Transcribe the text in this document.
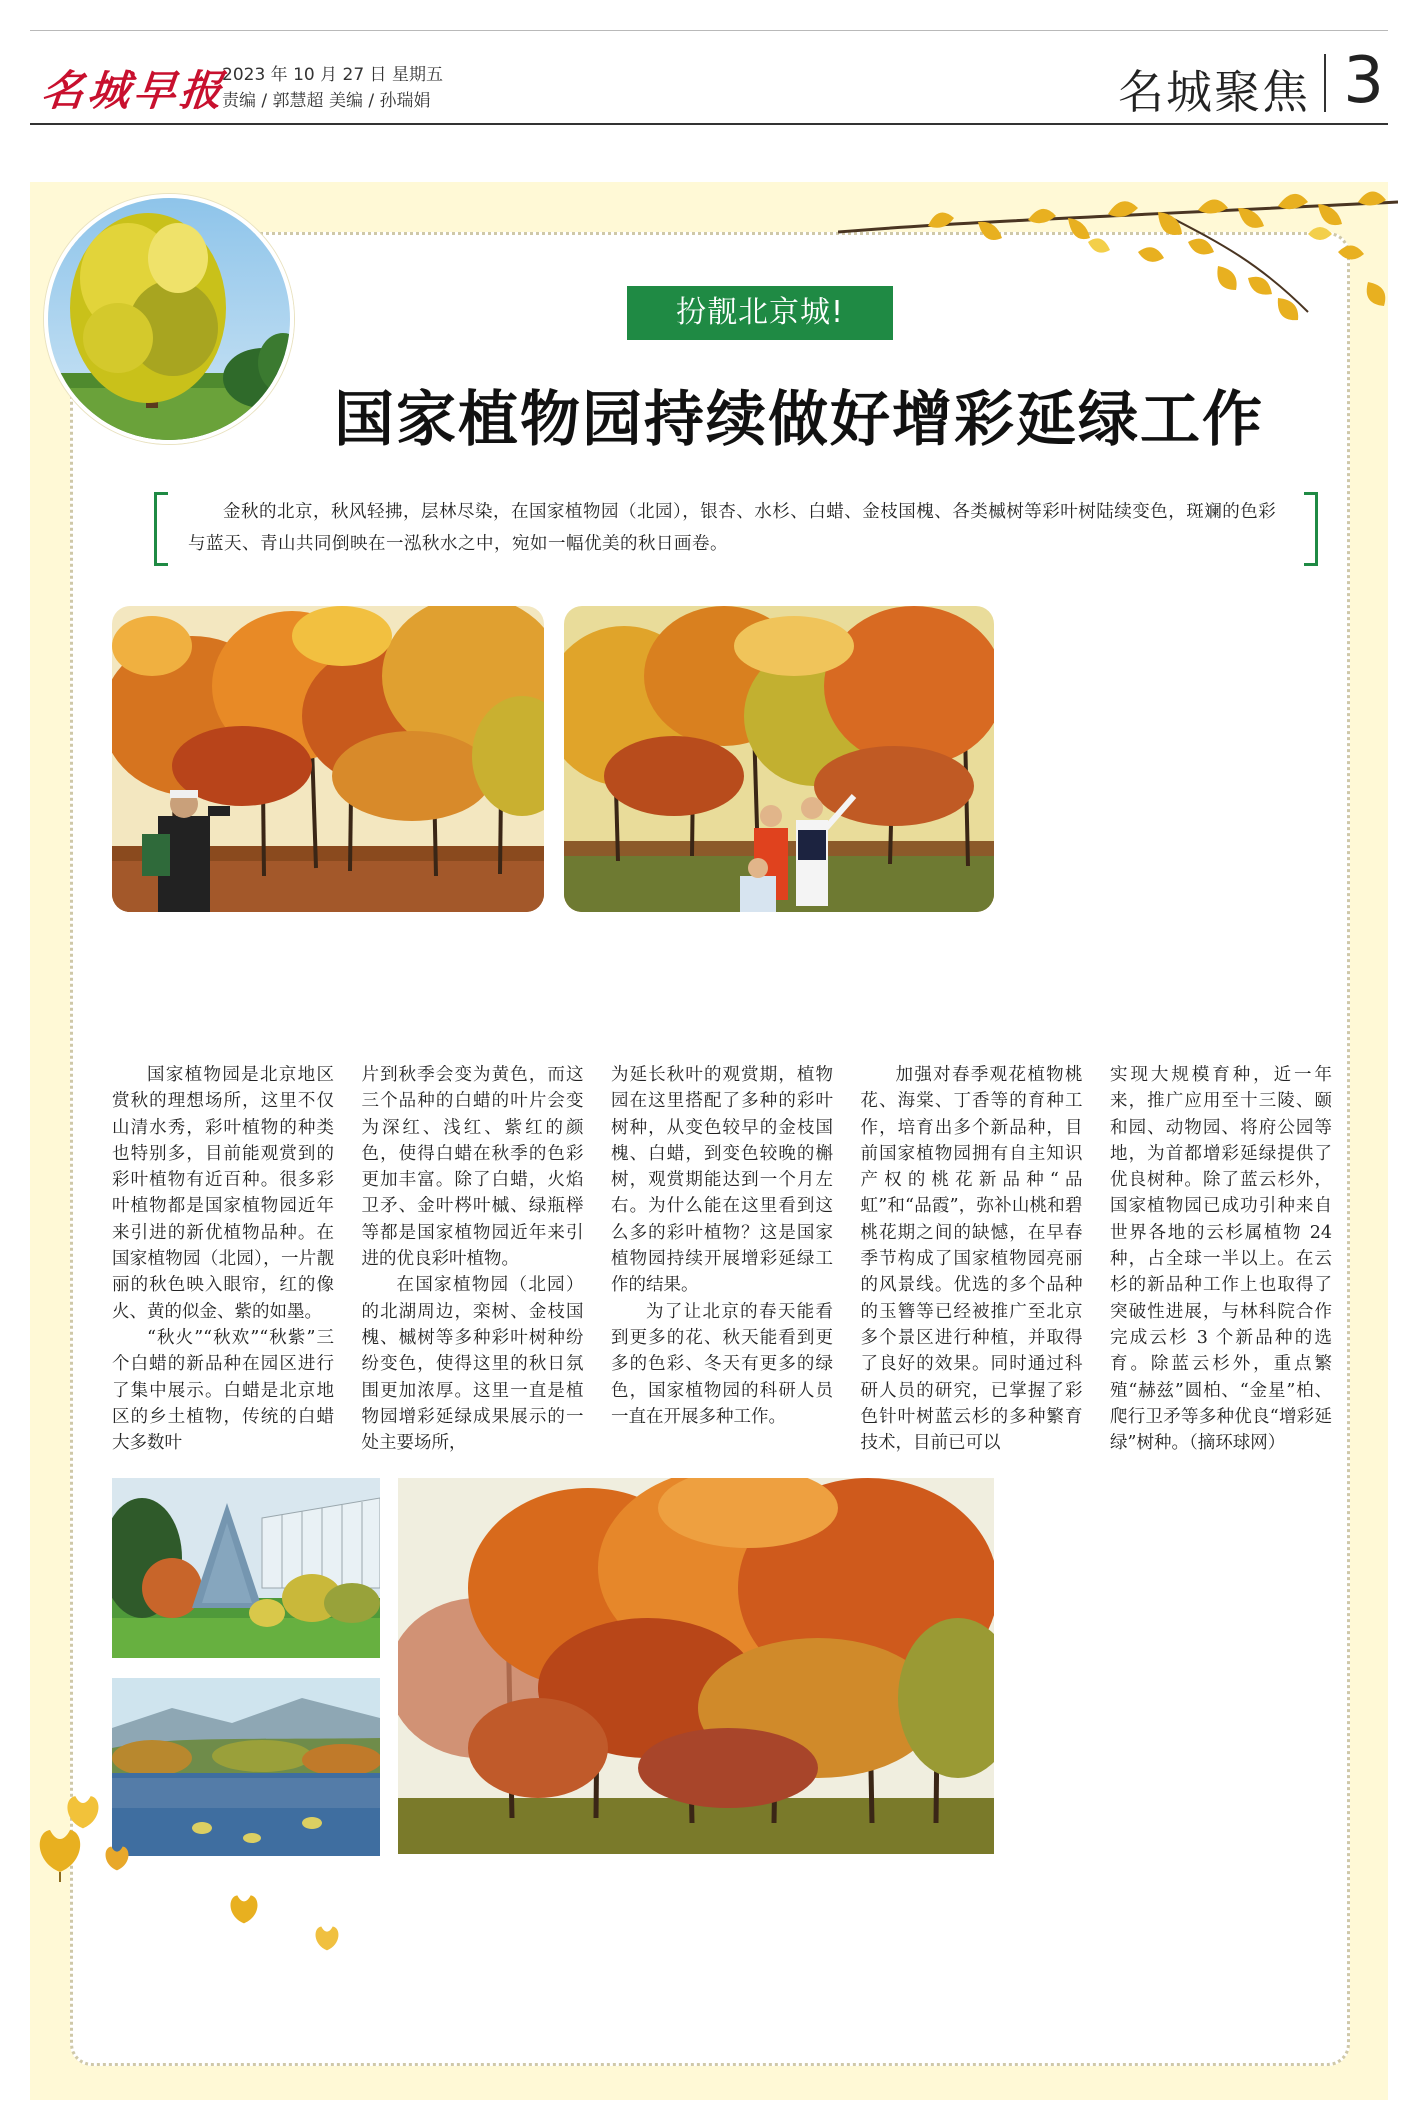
名城早报
2023 年 10 月 27 日 星期五
责编 / 郭慧超 美编 / 孙瑞娟	名城聚焦 3
扮靓北京城!
国家植物园持续做好增彩延绿工作

金秋的北京，秋风轻拂，层林尽染，在国家植物园（北园），银杏、水杉、白蜡、金枝国槐、各类槭树等彩叶树陆续变色，斑斓的色彩与蓝天、青山共同倒映在一泓秋水之中，宛如一幅优美的秋日画卷。

国家植物园是北京地区赏秋的理想场所，这里不仅山清水秀，彩叶植物的种类也特别多，目前能观赏到的彩叶植物有近百种。很多彩叶植物都是国家植物园近年来引进的新优植物品种。在国家植物园（北园），一片靓丽的秋色映入眼帘，红的像火、黄的似金、紫的如墨。

“秋火”“秋欢”“秋紫”三个白蜡的新品种在园区进行了集中展示。白蜡是北京地区的乡土植物，传统的白蜡大多数叶

片到秋季会变为黄色，而这三个品种的白蜡的叶片会变为深红、浅红、紫红的颜色，使得白蜡在秋季的色彩更加丰富。除了白蜡，火焰卫矛、金叶梣叶槭、绿瓶榉等都是国家植物园近年来引进的优良彩叶植物。

在国家植物园（北园）的北湖周边，栾树、金枝国槐、槭树等多种彩叶树种纷纷变色，使得这里的秋日氛围更加浓厚。这里一直是植物园增彩延绿成果展示的一处主要场所，

为延长秋叶的观赏期，植物园在这里搭配了多种的彩叶树种，从变色较早的金枝国槐、白蜡，到变色较晚的槲树，观赏期能达到一个月左右。为什么能在这里看到这么多的彩叶植物？这是国家植物园持续开展增彩延绿工作的结果。

为了让北京的春天能看到更多的花、秋天能看到更多的色彩、冬天有更多的绿色，国家植物园的科研人员一直在开展多种工作。

加强对春季观花植物桃花、海棠、丁香等的育种工作，培育出多个新品种，目前国家植物园拥有自主知识产权的桃花新品种“品虹”和“品霞”，弥补山桃和碧桃花期之间的缺憾，在早春季节构成了国家植物园亮丽的风景线。优选的多个品种的玉簪等已经被推广至北京多个景区进行种植，并取得了良好的效果。同时通过科研人员的研究，已掌握了彩色针叶树蓝云杉的多种繁育技术，目前已可以

实现大规模育种，近一年来，推广应用至十三陵、颐和园、动物园、将府公园等地，为首都增彩延绿提供了优良树种。除了蓝云杉外，国家植物园已成功引种来自世界各地的云杉属植物 24 种，占全球一半以上。在云杉的新品种工作上也取得了突破性进展，与林科院合作完成云杉 3 个新品种的选育。除蓝云杉外，重点繁殖“赫兹”圆柏、“金星”柏、爬行卫矛等多种优良“增彩延绿”树种。（摘环球网）
